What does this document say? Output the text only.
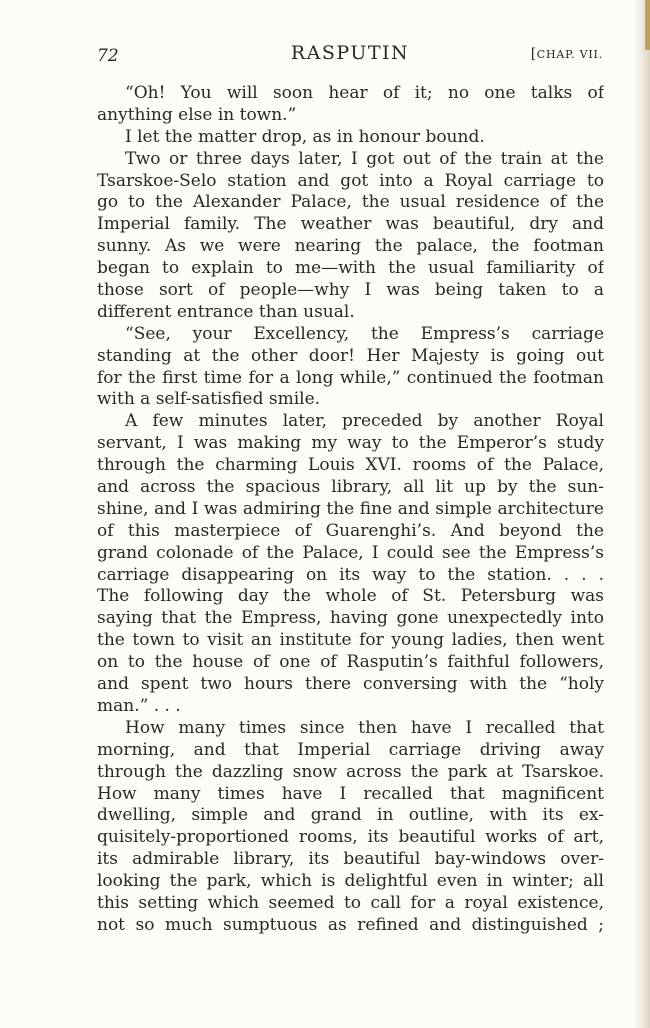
72	RASPUTIN	[CHAP. VII.
“Oh! You will soon hear of it; no one talks of
anything else in town.”
I let the matter drop, as in honour bound.
Two or three days later, I got out of the train at the
Tsarskoe-Selo station and got into a Royal carriage to
go to the Alexander Palace, the usual residence of the
Imperial family. The weather was beautiful, dry and
sunny. As we were nearing the palace, the footman
began to explain to me—with the usual familiarity of
those sort of people—why I was being taken to a
different entrance than usual.
“See, your Excellency, the Empress’s carriage
standing at the other door! Her Majesty is going out
for the first time for a long while,” continued the footman
with a self-satisfied smile.
A few minutes later, preceded by another Royal
servant, I was making my way to the Emperor’s study
through the charming Louis XVI. rooms of the Palace,
and across the spacious library, all lit up by the sun-
shine, and I was admiring the fine and simple architecture
of this masterpiece of Guarenghi’s. And beyond the
grand colonade of the Palace, I could see the Empress’s
carriage disappearing on its way to the station. . . .
The following day the whole of St. Petersburg was
saying that the Empress, having gone unexpectedly into
the town to visit an institute for young ladies, then went
on to the house of one of Rasputin’s faithful followers,
and spent two hours there conversing with the “holy
man.” . . .
How many times since then have I recalled that
morning, and that Imperial carriage driving away
through the dazzling snow across the park at Tsarskoe.
How many times have I recalled that magnificent
dwelling, simple and grand in outline, with its ex-
quisitely-proportioned rooms, its beautiful works of art,
its admirable library, its beautiful bay-windows over-
looking the park, which is delightful even in winter; all
this setting which seemed to call for a royal existence,
not so much sumptuous as refined and distinguished ;
